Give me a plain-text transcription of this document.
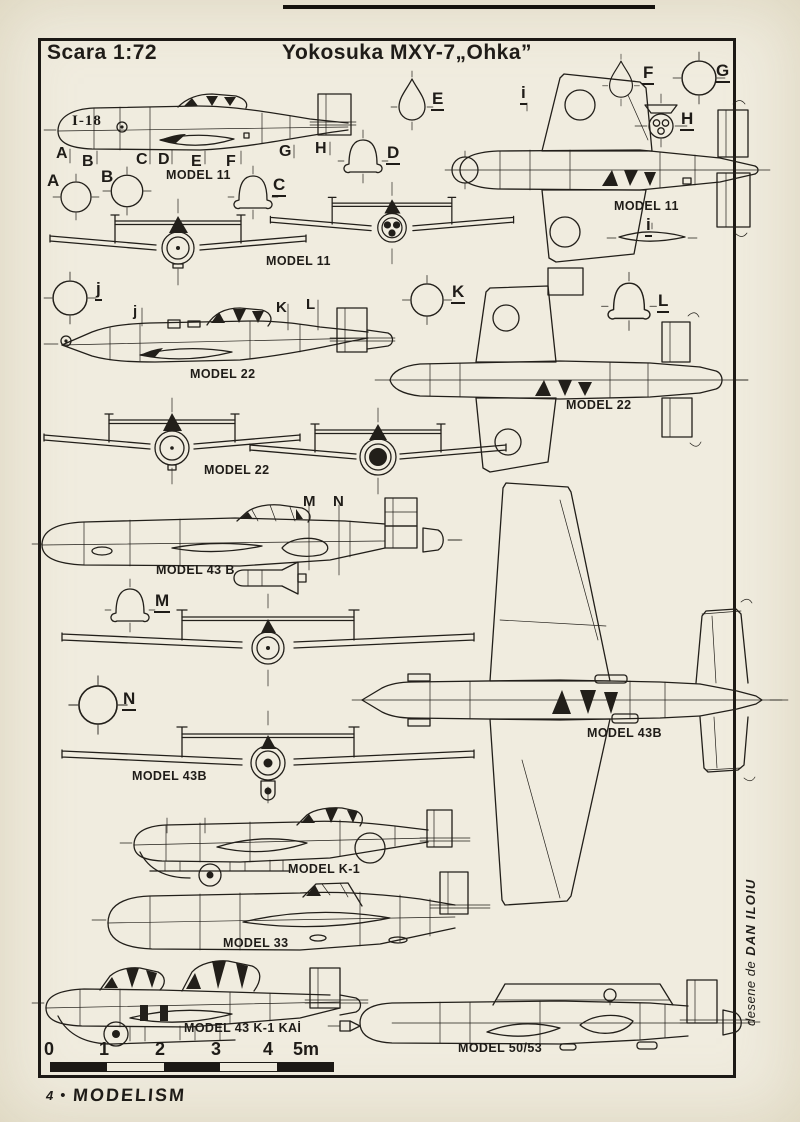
Scara 1:72	Yokosuka MXY-7„Ohka”
I-18
A B	C D E F
G H
A B	C
D
E
F	G
H
i
i
j	K	L
M
N
j	K L
M N
MODEL 11
MODEL 11
MODEL 11
MODEL 22
MODEL 22
MODEL 22
MODEL 43 B
MODEL 43B
MODEL 43B
MODEL K-1
MODEL 33
MODEL 43 K-1 KAİ
MODEL 50/53
0 1	2	3 4 5m
desene deDAN ILOIU
4 • MODELISM
